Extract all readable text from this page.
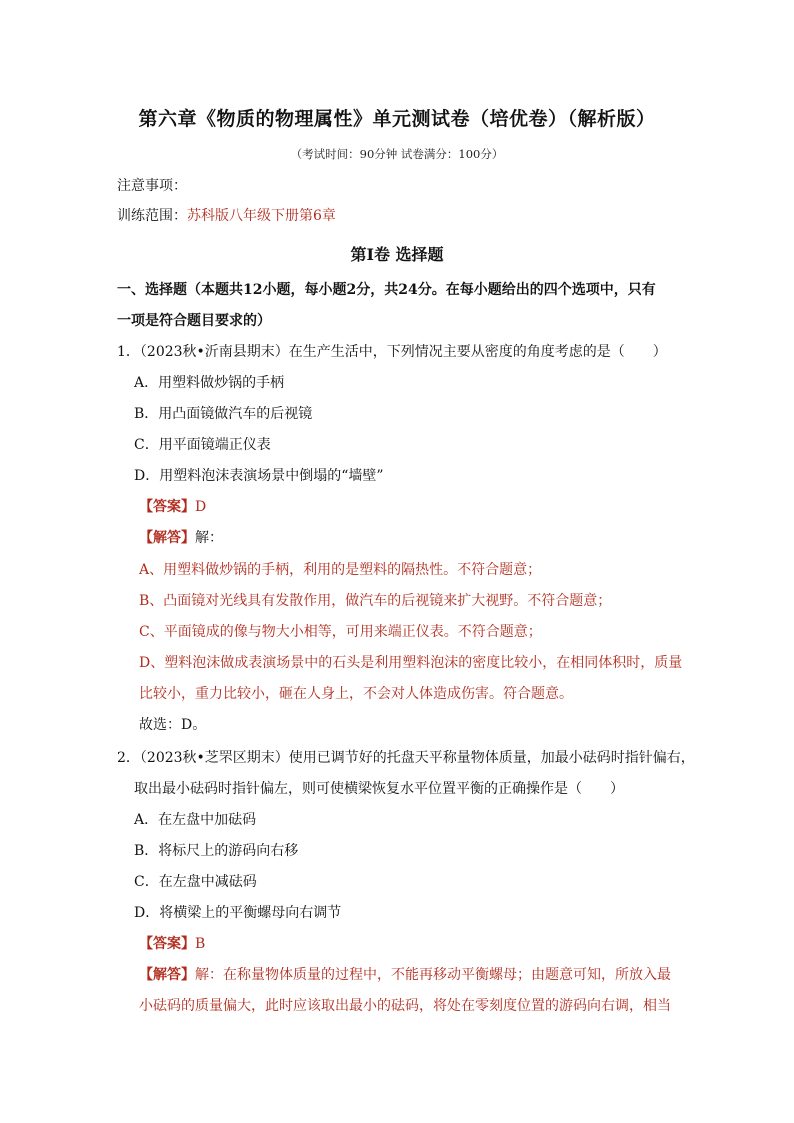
第六章《物质的物理属性》单元测试卷（培优卷）（解析版）
（考试时间：90分钟 试卷满分：100分）
注意事项：
训练范围：苏科版八年级下册第6章
第Ⅰ卷 选择题
一、选择题（本题共12小题，每小题2分，共24分。在每小题给出的四个选项中，只有
一项是符合题目要求的）
1．（2023秋•沂南县期末）在生产生活中，下列情况主要从密度的角度考虑的是（　　）
A．用塑料做炒锅的手柄
B．用凸面镜做汽车的后视镜
C．用平面镜端正仪表
D．用塑料泡沫表演场景中倒塌的“墙壁”
【答案】D
【解答】解：
A、用塑料做炒锅的手柄，利用的是塑料的隔热性。不符合题意；
B、凸面镜对光线具有发散作用，做汽车的后视镜来扩大视野。不符合题意；
C、平面镜成的像与物大小相等，可用来端正仪表。不符合题意；
D、塑料泡沫做成表演场景中的石头是利用塑料泡沫的密度比较小，在相同体积时，质量
比较小，重力比较小，砸在人身上，不会对人体造成伤害。符合题意。
故选：D。
2．（2023秋•芝罘区期末）使用已调节好的托盘天平称量物体质量，加最小砝码时指针偏右，
取出最小砝码时指针偏左，则可使横梁恢复水平位置平衡的正确操作是（　　）
A．在左盘中加砝码
B．将标尺上的游码向右移
C．在左盘中减砝码
D．将横梁上的平衡螺母向右调节
【答案】B
【解答】解：在称量物体质量的过程中，不能再移动平衡螺母；由题意可知，所放入最
小砝码的质量偏大，此时应该取出最小的砝码，将处在零刻度位置的游码向右调，相当
